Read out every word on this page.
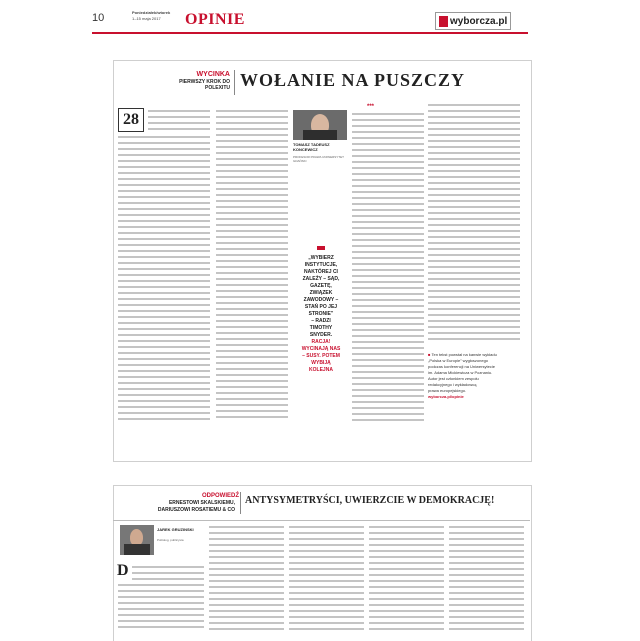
10	Poniedziałek/wtorek
1–15 maja 2017	OPINIE	wyborcza.pl
WYCINKA
PIERWSZY KROK DO POLEXITU WOŁANIE NA PUSZCZY
28
TOMASZ TADEUSZ KONCEWICZ
PROFESOR PRAWA UNIWERSYTET GDAŃSKI
„WYBIERZ
INSTYTUCJE,
NAKTÓREJ CI
ZALEŻY – SĄD,
GAZETĘ,
ZWIĄZEK
ZAWODOWY –
STAŃ PO JEJ
STRONIE”
– RADZI
TIMOTHY
SNYDER.
RACJA!
WYCINAJĄ NAS
– SUSY. POTEM
WYBIJĄ
KOLEJNA
***
■ Ten tekst powstał na kanwie wykładu
„Polska w Europie” wygłoszonego
podczas konferencji na Uniwersytecie
im. Adama Mickiewicza w Poznaniu.
Autor jest członkiem zespołu
redakcyjnego i wykładowcą
prawa europejskiego.
wyborcza.pl/opinie
ODPOWIEDŹ
ERNESTOWI SKALSKIEMU, DARIUSZOWI ROSATIEMU & CO
ANTYSYMETRYŚCI, UWIERZCIE W DEMOKRACJĘ!
JAREK GRUZINSKI
Politolog, publicysta
D
